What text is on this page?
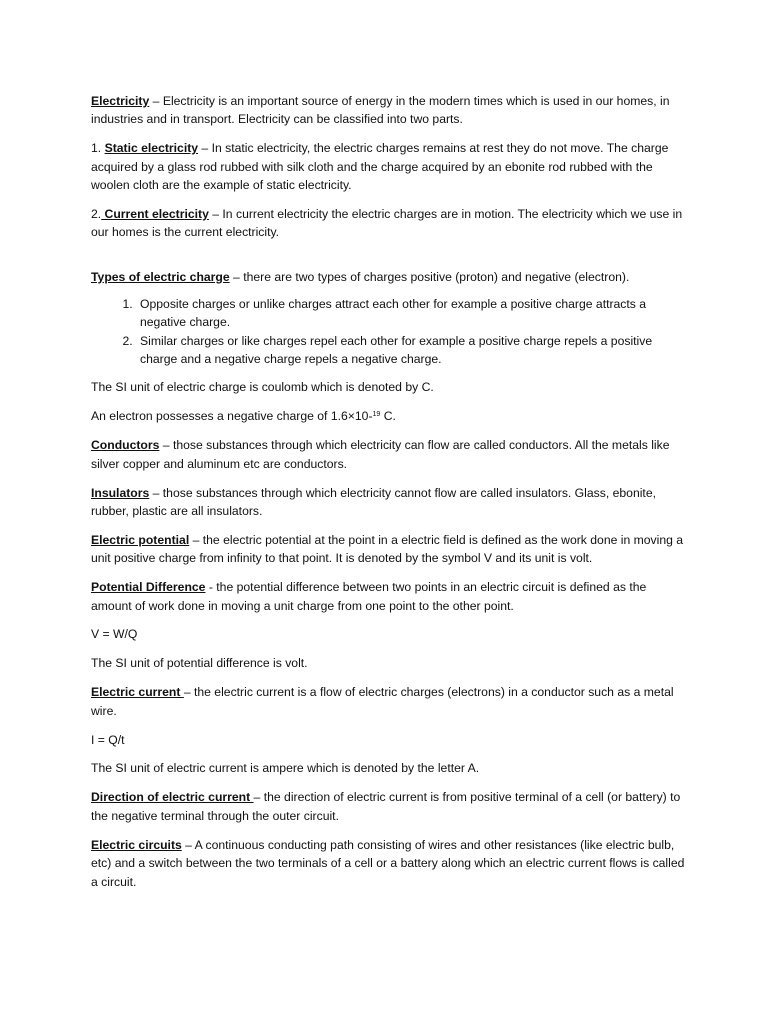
Electricity – Electricity is an important source of energy in the modern times which is used in our homes, in industries and in transport. Electricity can be classified into two parts.

1. Static electricity – In static electricity, the electric charges remains at rest they do not move. The charge acquired by a glass rod rubbed with silk cloth and the charge acquired by an ebonite rod rubbed with the woolen cloth are the example of static electricity.

2. Current electricity – In current electricity the electric charges are in motion. The electricity which we use in our homes is the current electricity.

Types of electric charge – there are two types of charges positive (proton) and negative (electron).

1. Opposite charges or unlike charges attract each other for example a positive charge attracts a negative charge.
2. Similar charges or like charges repel each other for example a positive charge repels a positive charge and a negative charge repels a negative charge.

The SI unit of electric charge is coulomb which is denoted by C.

An electron possesses a negative charge of 1.6×10-$^{19}$ C.

Conductors – those substances through which electricity can flow are called conductors. All the metals like silver copper and aluminum etc are conductors.

Insulators – those substances through which electricity cannot flow are called insulators. Glass, ebonite, rubber, plastic are all insulators.

Electric potential – the electric potential at the point in a electric field is defined as the work done in moving a unit positive charge from infinity to that point. It is denoted by the symbol V and its unit is volt.

Potential Difference - the potential difference between two points in an electric circuit is defined as the amount of work done in moving a unit charge from one point to the other point.

V = W/Q

The SI unit of potential difference is volt.

Electric current – the electric current is a flow of electric charges (electrons) in a conductor such as a metal wire.

I = Q/t

The SI unit of electric current is ampere which is denoted by the letter A.

Direction of electric current – the direction of electric current is from positive terminal of a cell (or battery) to the negative terminal through the outer circuit.

Electric circuits – A continuous conducting path consisting of wires and other resistances (like electric bulb, etc) and a switch between the two terminals of a cell or a battery along which an electric current flows is called a circuit.
